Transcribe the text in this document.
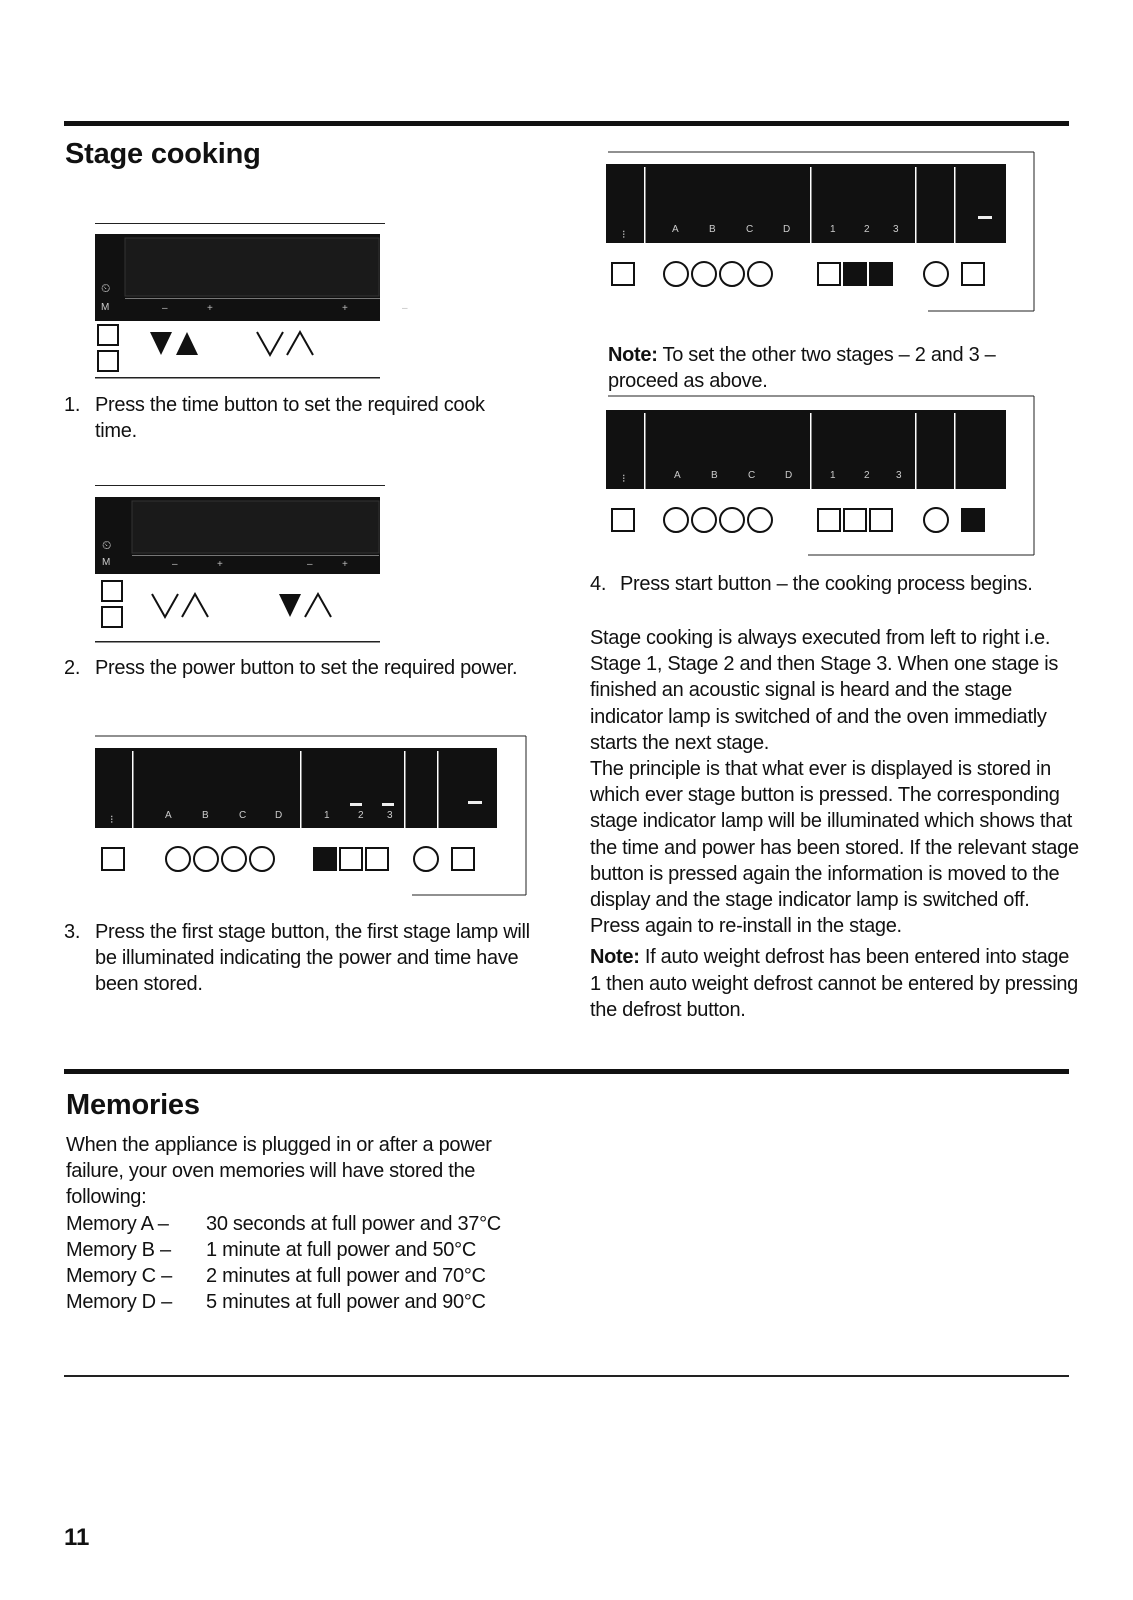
Stage cooking
⏲
M	–	+	–
+
1. Press the time button to set the required cook time.
⏲
M	–	+	–	+
2. Press the power button to set the required power.
⁝	A	B	C	D	1	2 3
3. Press the first stage button, the first stage lamp will be illuminated indicating the power and time have been stored.
⁝	A	B	C	D	1	2 3
Note: To set the other two stages – 2 and 3 – proceed as above.
⁝	A	B	C	D	1	2	3
4. Press start button – the cooking process begins.

Stage cooking is always executed from left to right i.e. Stage 1, Stage 2 and then Stage 3. When one stage is finished an acoustic signal is heard and the stage indicator lamp is switched of and the oven immediatly starts the next stage.

The principle is that what ever is displayed is stored in which ever stage button is pressed. The corresponding stage indicator lamp will be illuminated which shows that the time and power has been stored. If the relevant stage button is pressed again the information is moved to the display and the stage indicator lamp is switched off. Press again to re-install in the stage.

Note: If auto weight defrost has been entered into stage 1 then auto weight defrost cannot be entered by pressing the defrost button.

Memories

When the appliance is plugged in or after a power failure, your oven memories will have stored the following:

Memory A – 30 seconds at full power and 37°C
Memory B – 1 minute at full power and 50°C
Memory C – 2 minutes at full power and 70°C
Memory D – 5 minutes at full power and 90°C
11
